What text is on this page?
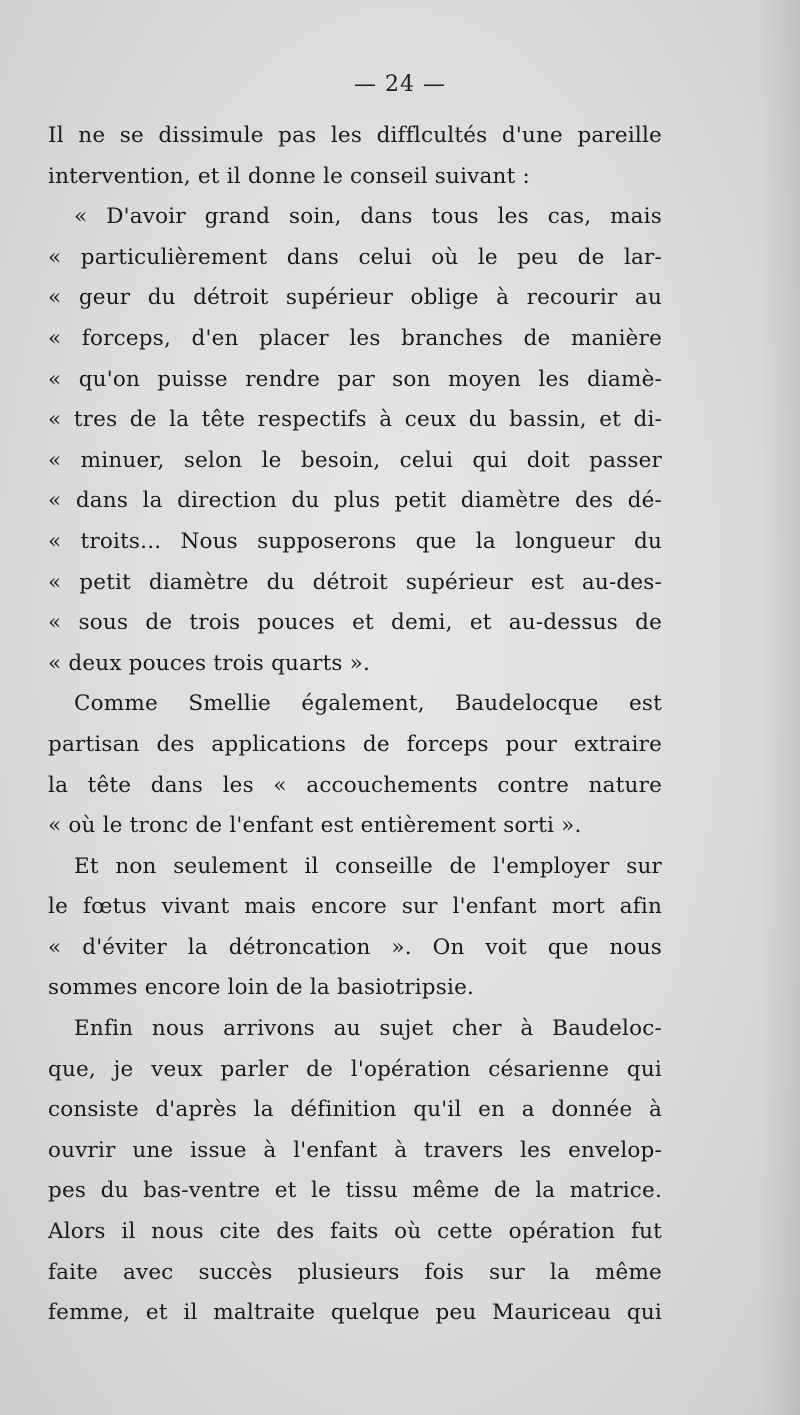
— 24 —

Il ne se dissimule pas les difflcultés d'une pareille
intervention, et il donne le conseil suivant :
« D'avoir grand soin, dans tous les cas, mais
« particulièrement dans celui où le peu de lar-
« geur du détroit supérieur oblige à recourir au
« forceps, d'en placer les branches de manière
« qu'on puisse rendre par son moyen les diamè-
« tres de la tête respectifs à ceux du bassin, et di-
« minuer, selon le besoin, celui qui doit passer
« dans la direction du plus petit diamètre des dé-
« troits... Nous supposerons que la longueur du
« petit diamètre du détroit supérieur est au-des-
« sous de trois pouces et demi, et au-dessus de
« deux pouces trois quarts ».
Comme Smellie également, Baudelocque est
partisan des applications de forceps pour extraire
la tête dans les « accouchements contre nature
« où le tronc de l'enfant est entièrement sorti ».
Et non seulement il conseille de l'employer sur
le fœtus vivant mais encore sur l'enfant mort afin
« d'éviter la détroncation ». On voit que nous
sommes encore loin de la basiotripsie.
Enfin nous arrivons au sujet cher à Baudeloc-
que, je veux parler de l'opération césarienne qui
consiste d'après la définition qu'il en a donnée à
ouvrir une issue à l'enfant à travers les envelop-
pes du bas-ventre et le tissu même de la matrice.
Alors il nous cite des faits où cette opération fut
faite avec succès plusieurs fois sur la même
femme, et il maltraite quelque peu Mauriceau qui
